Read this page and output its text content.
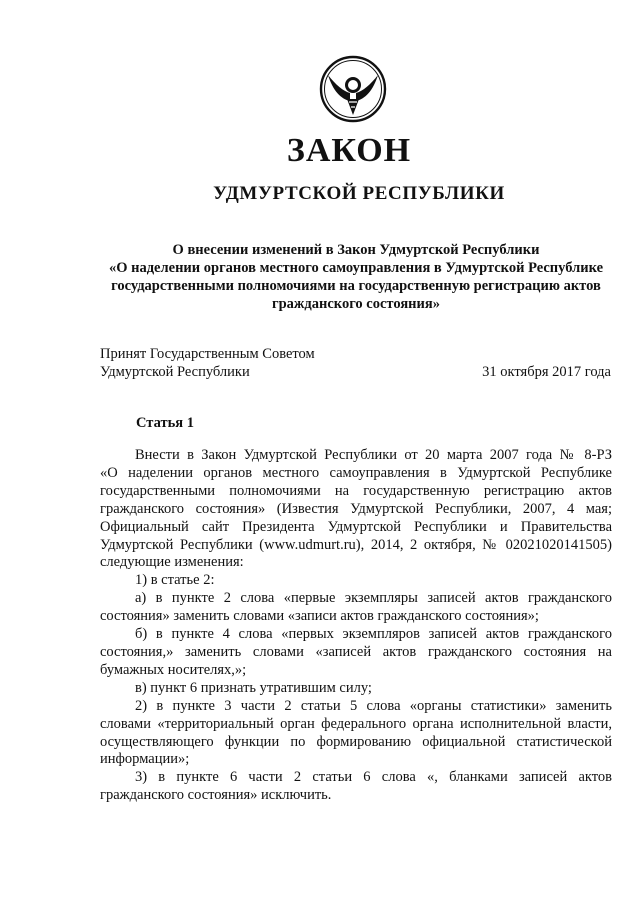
ЗАКОН
УДМУРТСКОЙ РЕСПУБЛИКИ
О внесении изменений в Закон Удмуртской Республики
«О наделении органов местного самоуправления в Удмуртской Республике
государственными полномочиями на государственную регистрацию актов
гражданского состояния»
Принят Государственным Советом
Удмуртской Республики	31 октября 2017 года
Статья 1
Внести в Закон Удмуртской Республики от 20 марта 2007 года № 8-РЗ
«О наделении органов местного самоуправления в Удмуртской Республике
государственными полномочиями на государственную регистрацию актов
гражданского состояния» (Известия Удмуртской Республики, 2007, 4 мая;
Официальный сайт Президента Удмуртской Республики и Правительства
Удмуртской Республики (www.udmurt.ru), 2014, 2 октября, № 02021020141505)
следующие изменения:
1) в статье 2:
а) в пункте 2 слова «первые экземпляры записей актов гражданского
состояния» заменить словами «записи актов гражданского состояния»;
б) в пункте 4 слова «первых экземпляров записей актов гражданского
состояния,» заменить словами «записей актов гражданского состояния на
бумажных носителях,»;
в) пункт 6 признать утратившим силу;
2) в пункте 3 части 2 статьи 5 слова «органы статистики» заменить
словами «территориальный орган федерального органа исполнительной власти,
осуществляющего функции по формированию официальной статистической
информации»;
3) в пункте 6 части 2 статьи 6 слова «, бланками записей актов
гражданского состояния» исключить.
